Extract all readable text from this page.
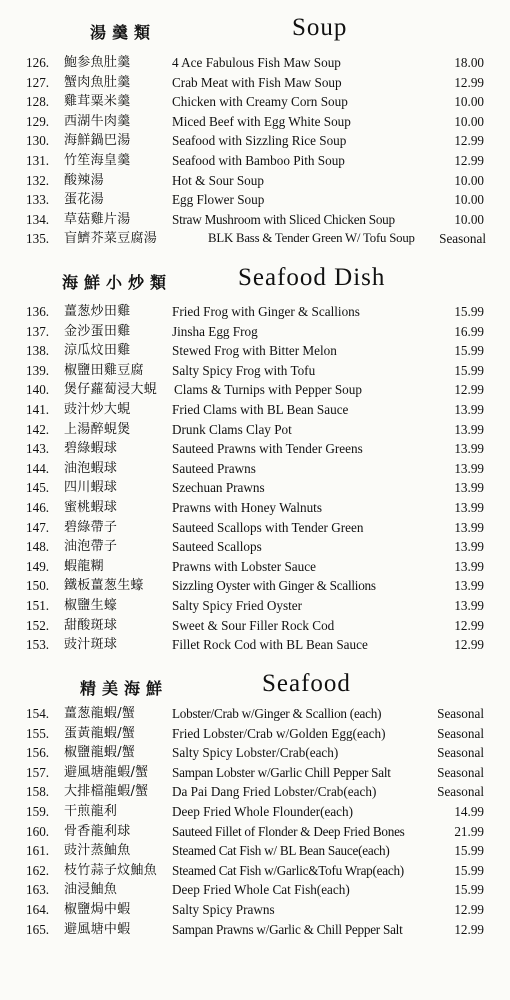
湯羹類	Soup
126.	鮑参魚肚羹	4 Ace Fabulous Fish Maw Soup	18.00
127.	蟹肉魚肚羹	Crab Meat with Fish Maw Soup	12.99
128.	雞茸粟米羹	Chicken with Creamy Corn Soup	10.00
129.	西湖牛肉羹	Miced Beef with Egg White Soup	10.00
130.	海鮮鍋巴湯	Seafood with Sizzling Rice Soup	12.99
131.	竹笙海皇羹	Seafood with Bamboo Pith Soup	12.99
132.	酸辣湯	Hot & Sour Soup	10.00
133.	蛋花湯	Egg Flower Soup	10.00
134.	草菇雞片湯	Straw Mushroom with Sliced Chicken Soup	10.00
135.	盲鱭芥菜豆腐湯	BLK Bass & Tender Green W/ Tofu Soup Seasonal
海鮮小炒類	Seafood Dish
136.	薑葱炒田雞	Fried Frog with Ginger & Scallions	15.99
137.	金沙蛋田雞	Jinsha Egg Frog	16.99
138.	涼瓜炆田雞	Stewed Frog with Bitter Melon	15.99
139.	椒鹽田雞豆腐 Salty Spicy Frog with Tofu	15.99
140.	煲仔蘿蔔浸大蜆 Clams & Turnips with Pepper Soup	12.99
141.	豉汁炒大蜆	Fried Clams with BL Bean Sauce	13.99
142.	上湯醉蜆煲	Drunk Clams Clay Pot	13.99
143.	碧綠蝦球	Sauteed Prawns with Tender Greens	13.99
144.	油泡蝦球	Sauteed Prawns	13.99
145.	四川蝦球	Szechuan Prawns	13.99
146.	蜜桃蝦球	Prawns with Honey Walnuts	13.99
147.	碧綠帶子	Sauteed Scallops with Tender Green	13.99
148.	油泡帶子	Sauteed Scallops	13.99
149.	蝦龍糊	Prawns with Lobster Sauce	13.99
150.	鐵板薑葱生蠔 Sizzling Oyster with Ginger & Scallions	13.99
151.	椒鹽生蠔	Salty Spicy Fried Oyster	13.99
152.	甜酸斑球	Sweet & Sour Filler Rock Cod	12.99
153.	豉汁斑球	Fillet Rock Cod with BL Bean Sauce	12.99
精美海鮮	Seafood
154.	薑葱龍蝦/蟹	Lobster/Crab w/Ginger & Scallion (each)	Seasonal
155.	蛋黃龍蝦/蟹	Fried Lobster/Crab w/Golden Egg(each)	Seasonal
156.	椒鹽龍蝦/蟹	Salty Spicy Lobster/Crab(each)	Seasonal
157.	避風塘龍蝦/蟹 Sampan Lobster w/Garlic Chill Pepper Salt	Seasonal
158.	大排檔龍蝦/蟹 Da Pai Dang Fried Lobster/Crab(each)	Seasonal
159.	干煎龍利	Deep Fried Whole Flounder(each)	14.99
160.	骨香龍利球	Sauteed Fillet of Flonder & Deep Fried Bones	21.99
161.	豉汁蒸鮋魚	Steamed Cat Fish w/ BL Bean Sauce(each)	15.99
162.	枝竹蒜子炆鮋魚 Steamed Cat Fish w/Garlic&Tofu Wrap(each)	15.99
163.	油浸鮋魚	Deep Fried Whole Cat Fish(each)	15.99
164.	椒鹽焗中蝦	Salty Spicy Prawns	12.99
165.	避風塘中蝦	Sampan Prawns w/Garlic & Chill Pepper Salt	12.99
